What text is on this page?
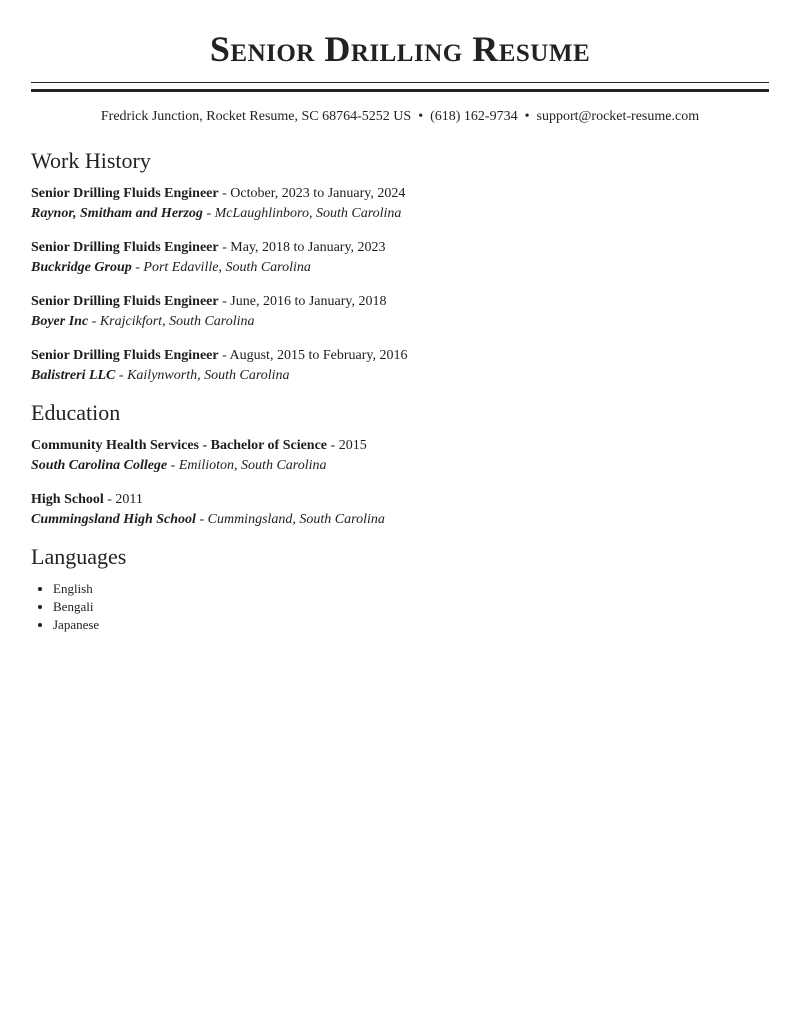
Senior Drilling Resume
Fredrick Junction, Rocket Resume, SC 68764-5252 US • (618) 162-9734 • support@rocket-resume.com
Work History
Senior Drilling Fluids Engineer - October, 2023 to January, 2024
Raynor, Smitham and Herzog - McLaughlinboro, South Carolina
Senior Drilling Fluids Engineer - May, 2018 to January, 2023
Buckridge Group - Port Edaville, South Carolina
Senior Drilling Fluids Engineer - June, 2016 to January, 2018
Boyer Inc - Krajcikfort, South Carolina
Senior Drilling Fluids Engineer - August, 2015 to February, 2016
Balistreri LLC - Kailynworth, South Carolina
Education
Community Health Services - Bachelor of Science - 2015
South Carolina College - Emilioton, South Carolina
High School - 2011
Cummingsland High School - Cummingsland, South Carolina
Languages
• English
• Bengali
• Japanese
